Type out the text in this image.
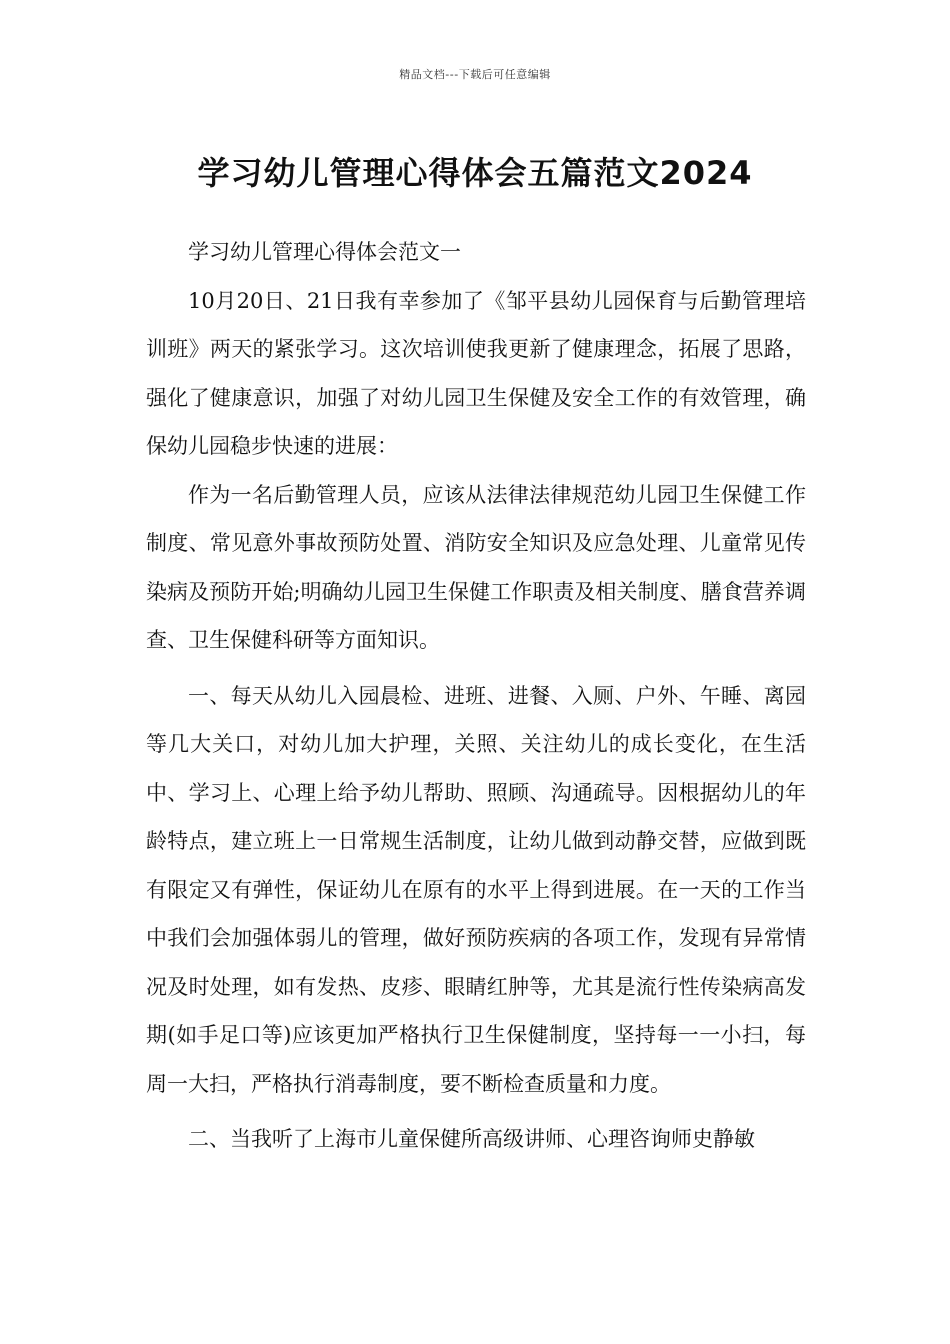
精品文档---下载后可任意编辑
学习幼儿管理心得体会五篇范文2024

学习幼儿管理心得体会范文一

10月20日、21日我有幸参加了《邹平县幼儿园保育与后勤管理培训班》两天的紧张学习。这次培训使我更新了健康理念，拓展了思路，强化了健康意识，加强了对幼儿园卫生保健及安全工作的有效管理，确保幼儿园稳步快速的进展：

作为一名后勤管理人员，应该从法律法律规范幼儿园卫生保健工作制度、常见意外事故预防处置、消防安全知识及应急处理、儿童常见传染病及预防开始;明确幼儿园卫生保健工作职责及相关制度、膳食营养调查、卫生保健科研等方面知识。

一、每天从幼儿入园晨检、进班、进餐、入厕、户外、午睡、离园等几大关口，对幼儿加大护理，关照、关注幼儿的成长变化，在生活中、学习上、心理上给予幼儿帮助、照顾、沟通疏导。因根据幼儿的年龄特点，建立班上一日常规生活制度，让幼儿做到动静交替，应做到既有限定又有弹性，保证幼儿在原有的水平上得到进展。在一天的工作当中我们会加强体弱儿的管理，做好预防疾病的各项工作，发现有异常情况及时处理，如有发热、皮疹、眼睛红肿等，尤其是流行性传染病高发期(如手足口等)应该更加严格执行卫生保健制度，坚持每一一小扫，每周一大扫，严格执行消毒制度，要不断检查质量和力度。

二、当我听了上海市儿童保健所高级讲师、心理咨询师史静敏
